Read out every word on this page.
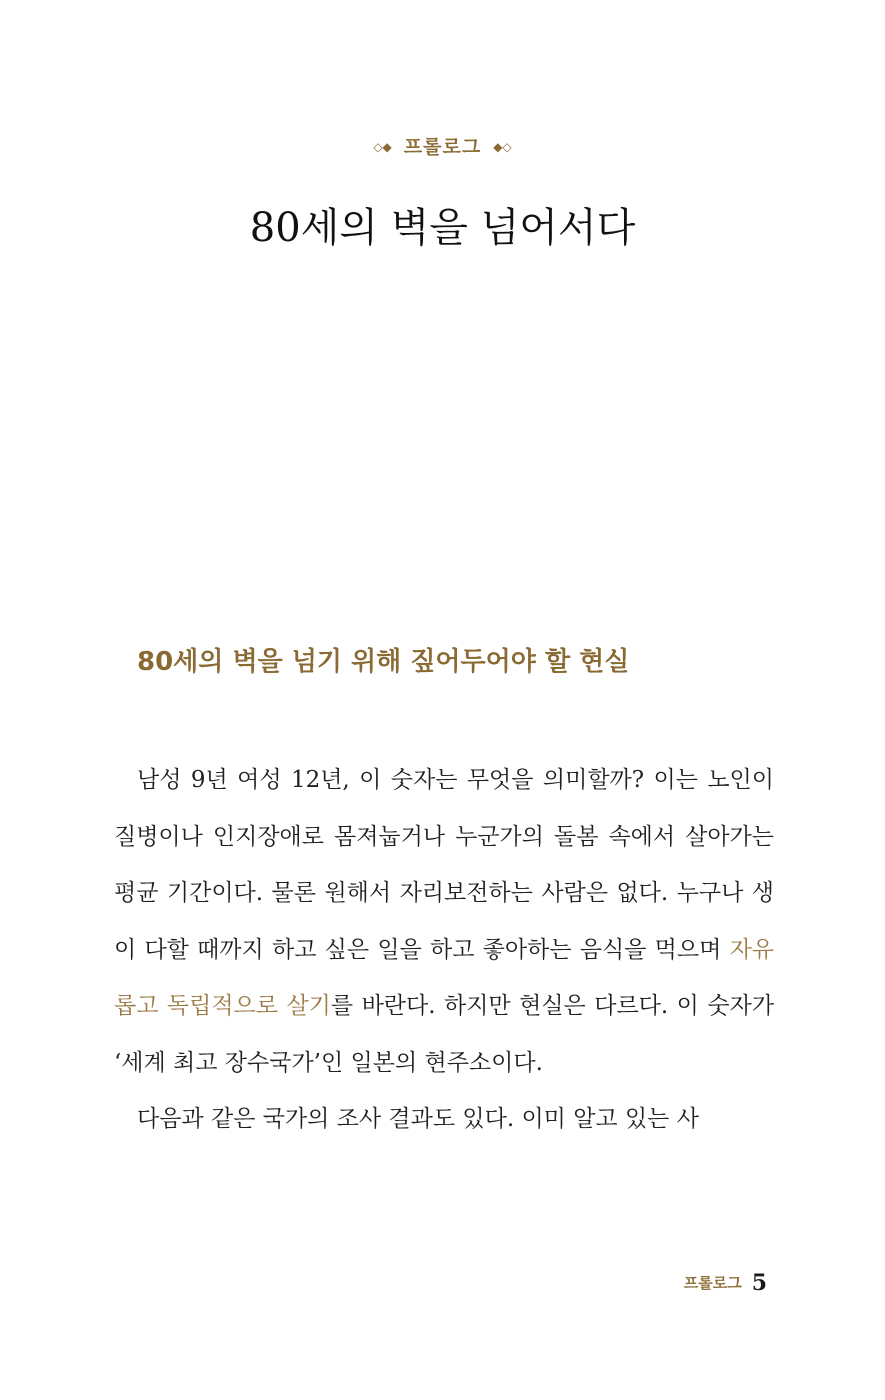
◇◆ 프롤로그 ◆◇
80세의 벽을 넘어서다
80세의 벽을 넘기 위해 짚어두어야 할 현실

남성 9년 여성 12년, 이 숫자는 무엇을 의미할까? 이는 노인이 질병이나 인지장애로 몸져눕거나 누군가의 돌봄 속에서 살아가는 평균 기간이다. 물론 원해서 자리보전하는 사람은 없다. 누구나 생이 다할 때까지 하고 싶은 일을 하고 좋아하는 음식을 먹으며 자유롭고 독립적으로 살기를 바란다. 하지만 현실은 다르다. 이 숫자가 ‘세계 최고 장수국가’인 일본의 현주소이다.

다음과 같은 국가의 조사 결과도 있다. 이미 알고 있는 사

프롤로그 5
